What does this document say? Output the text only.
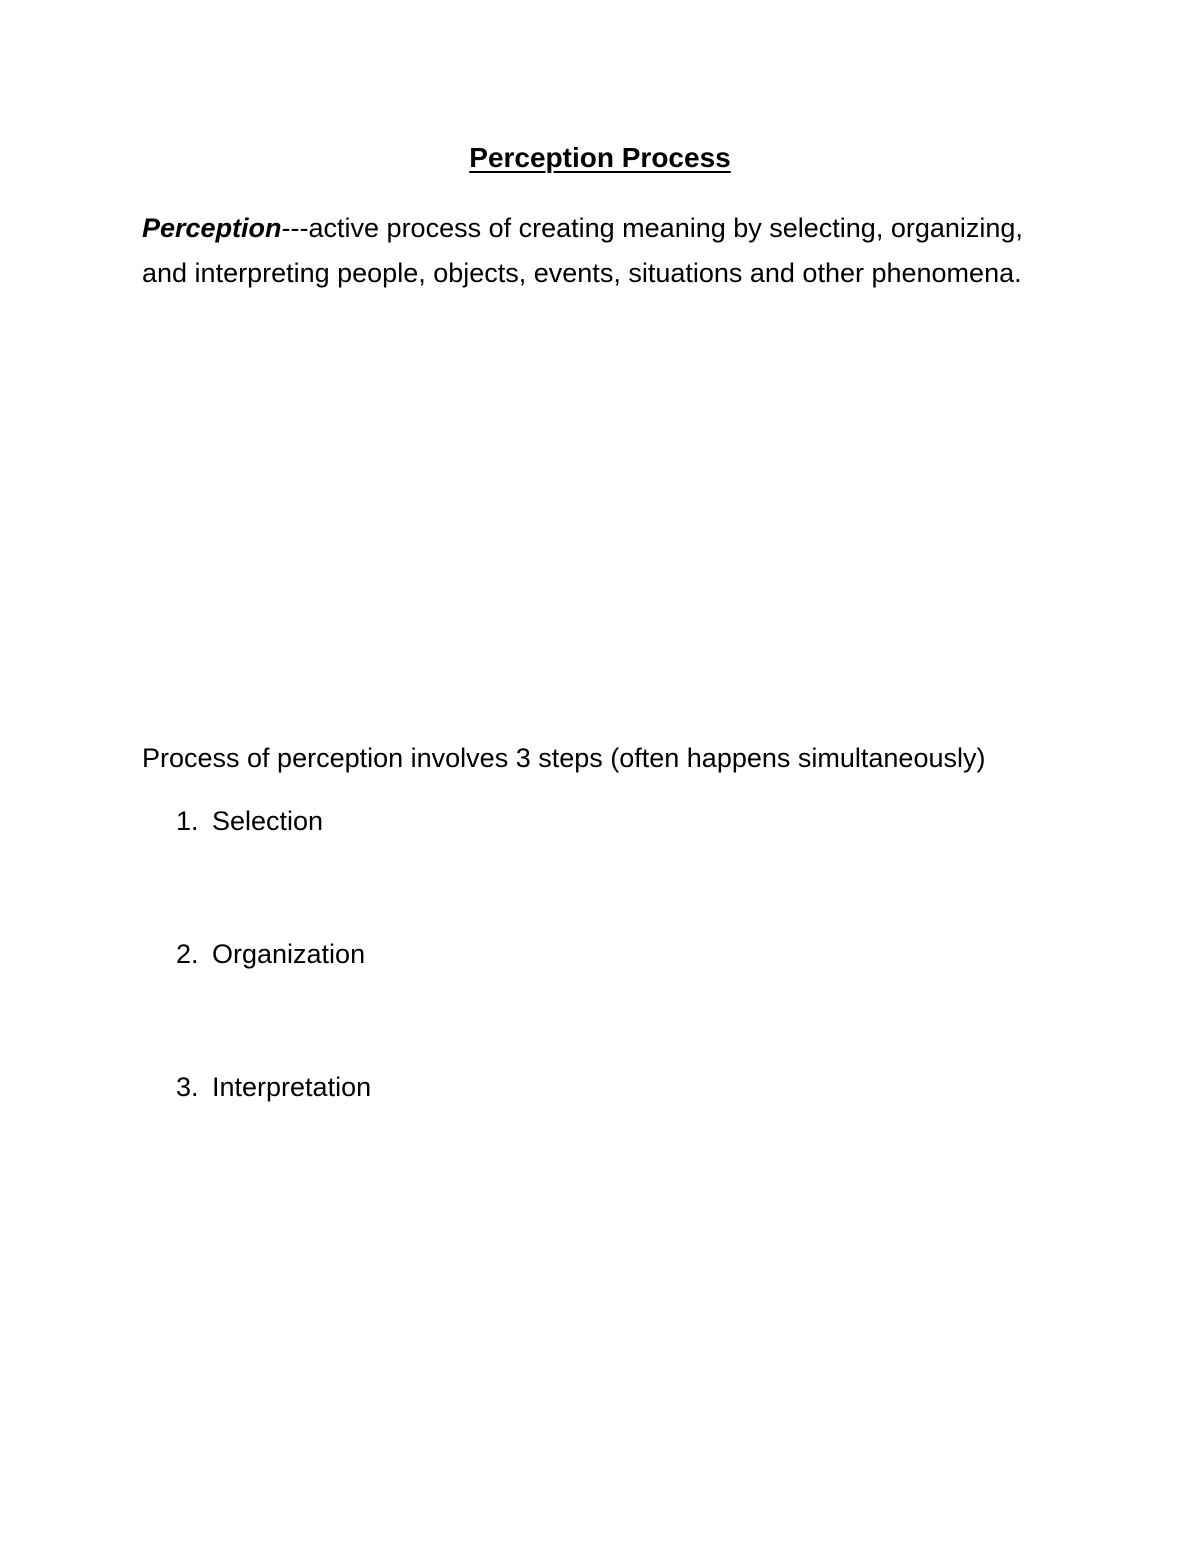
Perception Process

Perception---active process of creating meaning by selecting, organizing, and interpreting people, objects, events, situations and other phenomena.

Process of perception involves 3 steps (often happens simultaneously)

1. Selection
2. Organization
3. Interpretation
